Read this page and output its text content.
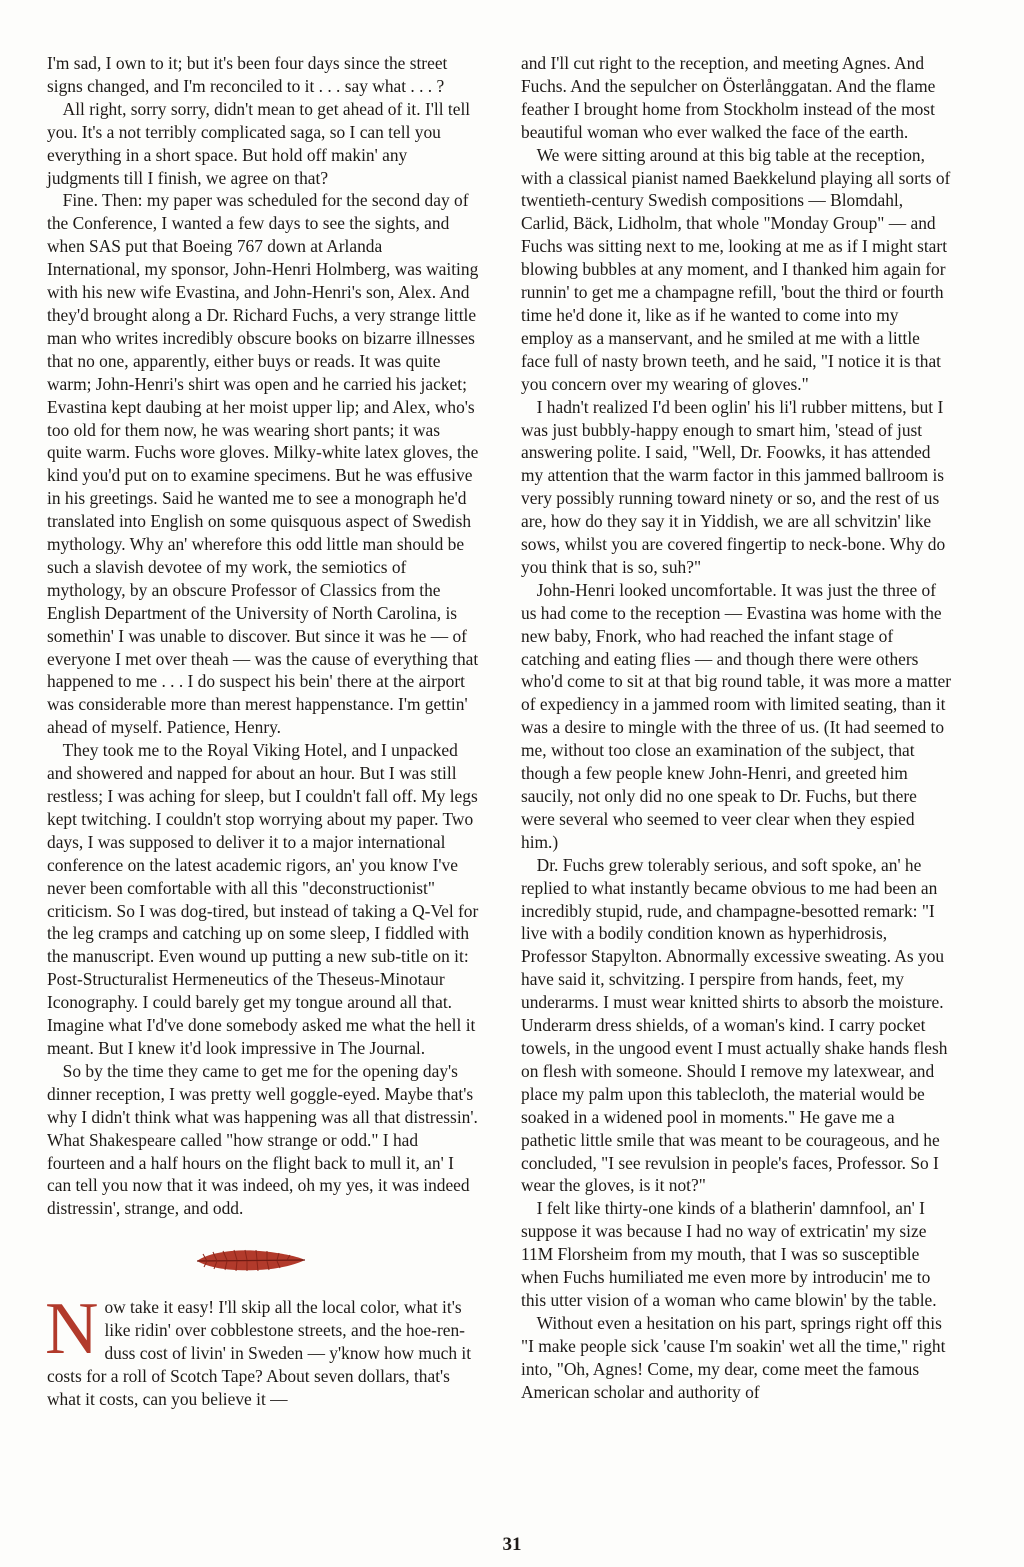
I'm sad, I own to it; but it's been four days since the street signs changed, and I'm reconciled to it . . . say what . . . ?

All right, sorry sorry, didn't mean to get ahead of it. I'll tell you. It's a not terribly complicated saga, so I can tell you everything in a short space. But hold off makin' any judgments till I finish, we agree on that?

Fine. Then: my paper was scheduled for the second day of the Conference, I wanted a few days to see the sights, and when SAS put that Boeing 767 down at Arlanda International, my sponsor, John-Henri Holmberg, was waiting with his new wife Evastina, and John-Henri's son, Alex. And they'd brought along a Dr. Richard Fuchs, a very strange little man who writes incredibly obscure books on bizarre illnesses that no one, apparently, either buys or reads. It was quite warm; John-Henri's shirt was open and he carried his jacket; Evastina kept daubing at her moist upper lip; and Alex, who's too old for them now, he was wearing short pants; it was quite warm. Fuchs wore gloves. Milky-white latex gloves, the kind you'd put on to examine specimens. But he was effusive in his greetings. Said he wanted me to see a monograph he'd translated into English on some quisquous aspect of Swedish mythology. Why an' wherefore this odd little man should be such a slavish devotee of my work, the semiotics of mythology, by an obscure Professor of Classics from the English Department of the University of North Carolina, is somethin' I was unable to discover. But since it was he — of everyone I met over theah — was the cause of everything that happened to me . . . I do suspect his bein' there at the airport was considerable more than merest happenstance. I'm gettin' ahead of myself. Patience, Henry.

They took me to the Royal Viking Hotel, and I unpacked and showered and napped for about an hour. But I was still restless; I was aching for sleep, but I couldn't fall off. My legs kept twitching. I couldn't stop worrying about my paper. Two days, I was supposed to deliver it to a major international conference on the latest academic rigors, an' you know I've never been comfortable with all this "deconstructionist" criticism. So I was dog-tired, but instead of taking a Q-Vel for the leg cramps and catching up on some sleep, I fiddled with the manuscript. Even wound up putting a new sub-title on it: Post-Structuralist Hermeneutics of the Theseus-Minotaur Iconography. I could barely get my tongue around all that. Imagine what I'd've done somebody asked me what the hell it meant. But I knew it'd look impressive in The Journal.

So by the time they came to get me for the opening day's dinner reception, I was pretty well goggle-eyed. Maybe that's why I didn't think what was happening was all that distressin'. What Shakespeare called "how strange or odd." I had fourteen and a half hours on the flight back to mull it, an' I can tell you now that it was indeed, oh my yes, it was indeed distressin', strange, and odd.

Now take it easy! I'll skip all the local color, what it's like ridin' over cobblestone streets, and the hoe-ren-duss cost of livin' in Sweden — y'know how much it costs for a roll of Scotch Tape? About seven dollars, that's what it costs, can you believe it —

and I'll cut right to the reception, and meeting Agnes. And Fuchs. And the sepulcher on Österlånggatan. And the flame feather I brought home from Stockholm instead of the most beautiful woman who ever walked the face of the earth.

We were sitting around at this big table at the reception, with a classical pianist named Baekkelund playing all sorts of twentieth-century Swedish compositions — Blomdahl, Carlid, Bäck, Lidholm, that whole "Monday Group" — and Fuchs was sitting next to me, looking at me as if I might start blowing bubbles at any moment, and I thanked him again for runnin' to get me a champagne refill, 'bout the third or fourth time he'd done it, like as if he wanted to come into my employ as a manservant, and he smiled at me with a little face full of nasty brown teeth, and he said, "I notice it is that you concern over my wearing of gloves."

I hadn't realized I'd been oglin' his li'l rubber mittens, but I was just bubbly-happy enough to smart him, 'stead of just answering polite. I said, "Well, Dr. Foowks, it has attended my attention that the warm factor in this jammed ballroom is very possibly running toward ninety or so, and the rest of us are, how do they say it in Yiddish, we are all schvitzin' like sows, whilst you are covered fingertip to neck-bone. Why do you think that is so, suh?"

John-Henri looked uncomfortable. It was just the three of us had come to the reception — Evastina was home with the new baby, Fnork, who had reached the infant stage of catching and eating flies — and though there were others who'd come to sit at that big round table, it was more a matter of expediency in a jammed room with limited seating, than it was a desire to mingle with the three of us. (It had seemed to me, without too close an examination of the subject, that though a few people knew John-Henri, and greeted him saucily, not only did no one speak to Dr. Fuchs, but there were several who seemed to veer clear when they espied him.)

Dr. Fuchs grew tolerably serious, and soft spoke, an' he replied to what instantly became obvious to me had been an incredibly stupid, rude, and champagne-besotted remark: "I live with a bodily condition known as hyperhidrosis, Professor Stapylton. Abnormally excessive sweating. As you have said it, schvitzing. I perspire from hands, feet, my underarms. I must wear knitted shirts to absorb the moisture. Underarm dress shields, of a woman's kind. I carry pocket towels, in the ungood event I must actually shake hands flesh on flesh with someone. Should I remove my latexwear, and place my palm upon this tablecloth, the material would be soaked in a widened pool in moments." He gave me a pathetic little smile that was meant to be courageous, and he concluded, "I see revulsion in people's faces, Professor. So I wear the gloves, is it not?"

I felt like thirty-one kinds of a blatherin' damnfool, an' I suppose it was because I had no way of extricatin' my size 11M Florsheim from my mouth, that I was so susceptible when Fuchs humiliated me even more by introducin' me to this utter vision of a woman who came blowin' by the table.

Without even a hesitation on his part, springs right off this "I make people sick 'cause I'm soakin' wet all the time," right into, "Oh, Agnes! Come, my dear, come meet the famous American scholar and authority of

31
